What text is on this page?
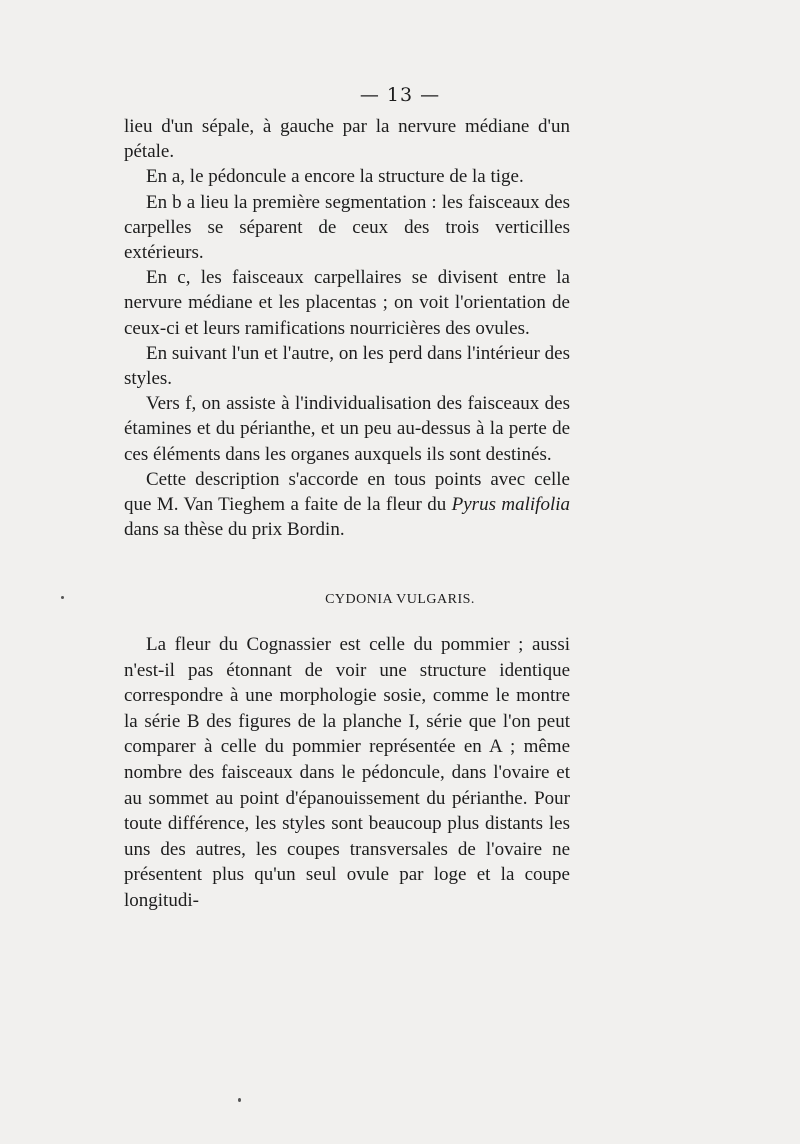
— 13 —

lieu d'un sépale, à gauche par la nervure médiane d'un pétale.

En a, le pédoncule a encore la structure de la tige.

En b a lieu la première segmentation : les faisceaux des carpelles se séparent de ceux des trois verticilles extérieurs.

En c, les faisceaux carpellaires se divisent entre la nervure médiane et les placentas ; on voit l'orientation de ceux-ci et leurs ramifications nourricières des ovules.

En suivant l'un et l'autre, on les perd dans l'intérieur des styles.

Vers f, on assiste à l'individualisation des faisceaux des étamines et du périanthe, et un peu au-dessus à la perte de ces éléments dans les organes auxquels ils sont destinés.

Cette description s'accorde en tous points avec celle que M. Van Tieghem a faite de la fleur du Pyrus malifolia dans sa thèse du prix Bordin.

CYDONIA VULGARIS.

La fleur du Cognassier est celle du pommier ; aussi n'est-il pas étonnant de voir une structure identique correspondre à une morphologie sosie, comme le montre la série B des figures de la planche I, série que l'on peut comparer à celle du pommier représentée en A ; même nombre des faisceaux dans le pédoncule, dans l'ovaire et au sommet au point d'épanouissement du périanthe. Pour toute différence, les styles sont beaucoup plus distants les uns des autres, les coupes transversales de l'ovaire ne présentent plus qu'un seul ovule par loge et la coupe longitudi-
